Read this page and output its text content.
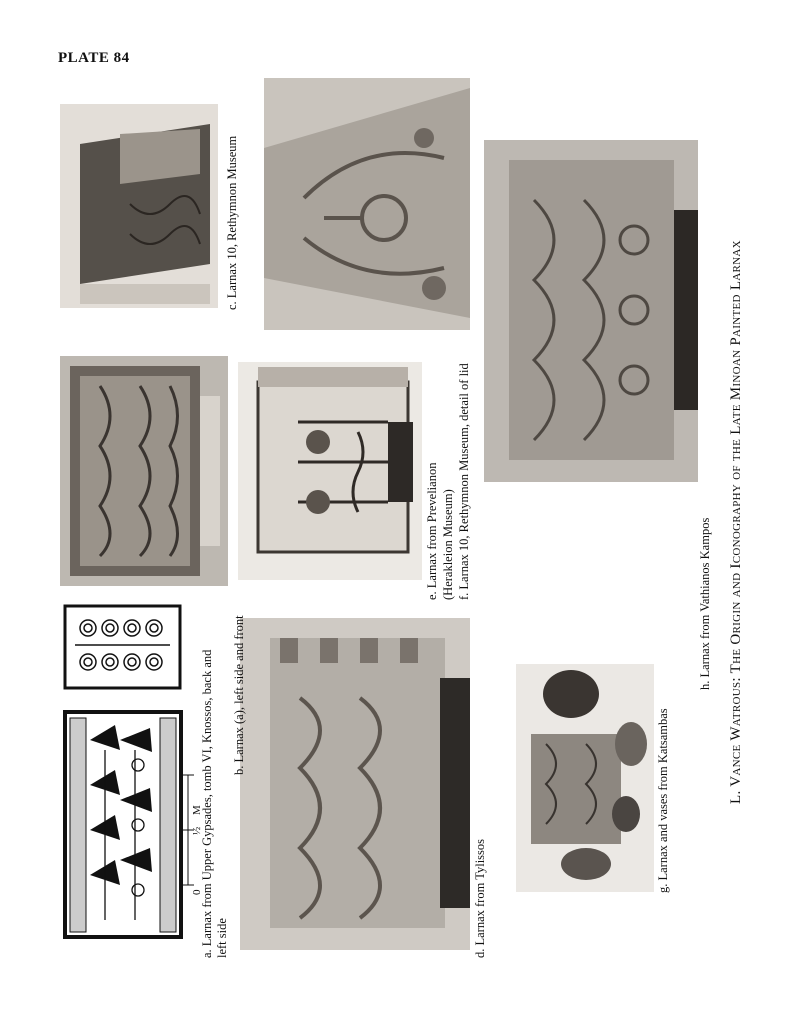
PLATE 84
a. Larnax from Upper Gypsades, tomb VI, Knossos, back and left side
b. Larnax (a), left side and front
c. Larnax 10, Rethymnon Museum
d. Larnax from Tylissos
e. Larnax from Prevelianon (Herakleion Museum) f. Larnax 10, Rethymnon Museum, detail of lid
g. Larnax and vases from Katsambas
h. Larnax from Vathianos Kampos L. Vance Watrous: The Origin and Iconography of the Late Minoan Painted Larnax
0
½
M
